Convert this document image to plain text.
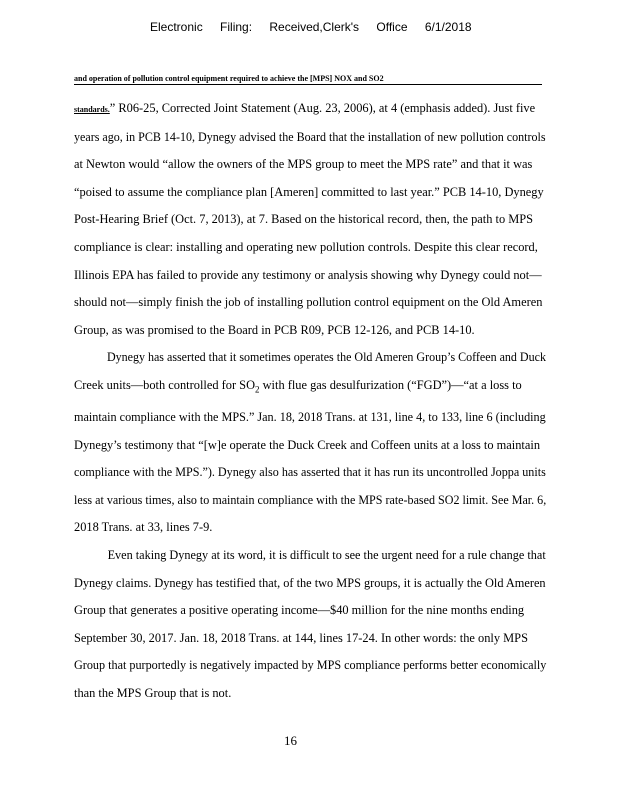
Electronic Filing: Received,Clerk's Office 6/1/2018
and operation of pollution control equipment required to achieve the [MPS] NOX and SO2
standards.” R06-25, Corrected Joint Statement (Aug. 23, 2006), at 4 (emphasis added). Just five
years ago, in PCB 14-10, Dynegy advised the Board that the installation of new pollution controls
at Newton would “allow the owners of the MPS group to meet the MPS rate” and that it was
“poised to assume the compliance plan [Ameren] committed to last year.” PCB 14-10, Dynegy
Post-Hearing Brief (Oct. 7, 2013), at 7. Based on the historical record, then, the path to MPS
compliance is clear: installing and operating new pollution controls. Despite this clear record,
Illinois EPA has failed to provide any testimony or analysis showing why Dynegy could not—
should not—simply finish the job of installing pollution control equipment on the Old Ameren
Group, as was promised to the Board in PCB R09, PCB 12-126, and PCB 14-10.
Dynegy has asserted that it sometimes operates the Old Ameren Group’s Coffeen and Duck
Creek units—both controlled for $SO_2$ with flue gas desulfurization (“FGD”)—“at a loss to
maintain compliance with the MPS.” Jan. 18, 2018 Trans. at 131, line 4, to 133, line 6 (including
Dynegy’s testimony that “[w]e operate the Duck Creek and Coffeen units at a loss to maintain
compliance with the MPS.”). Dynegy also has asserted that it has run its uncontrolled Joppa units
less at various times, also to maintain compliance with the MPS rate-based SO2 limit. See Mar. 6,
2018 Trans. at 33, lines 7-9.
Even taking Dynegy at its word, it is difficult to see the urgent need for a rule change that
Dynegy claims. Dynegy has testified that, of the two MPS groups, it is actually the Old Ameren
Group that generates a positive operating income—$40 million for the nine months ending
September 30, 2017. Jan. 18, 2018 Trans. at 144, lines 17-24. In other words: the only MPS
Group that purportedly is negatively impacted by MPS compliance performs better economically
than the MPS Group that is not.
16
